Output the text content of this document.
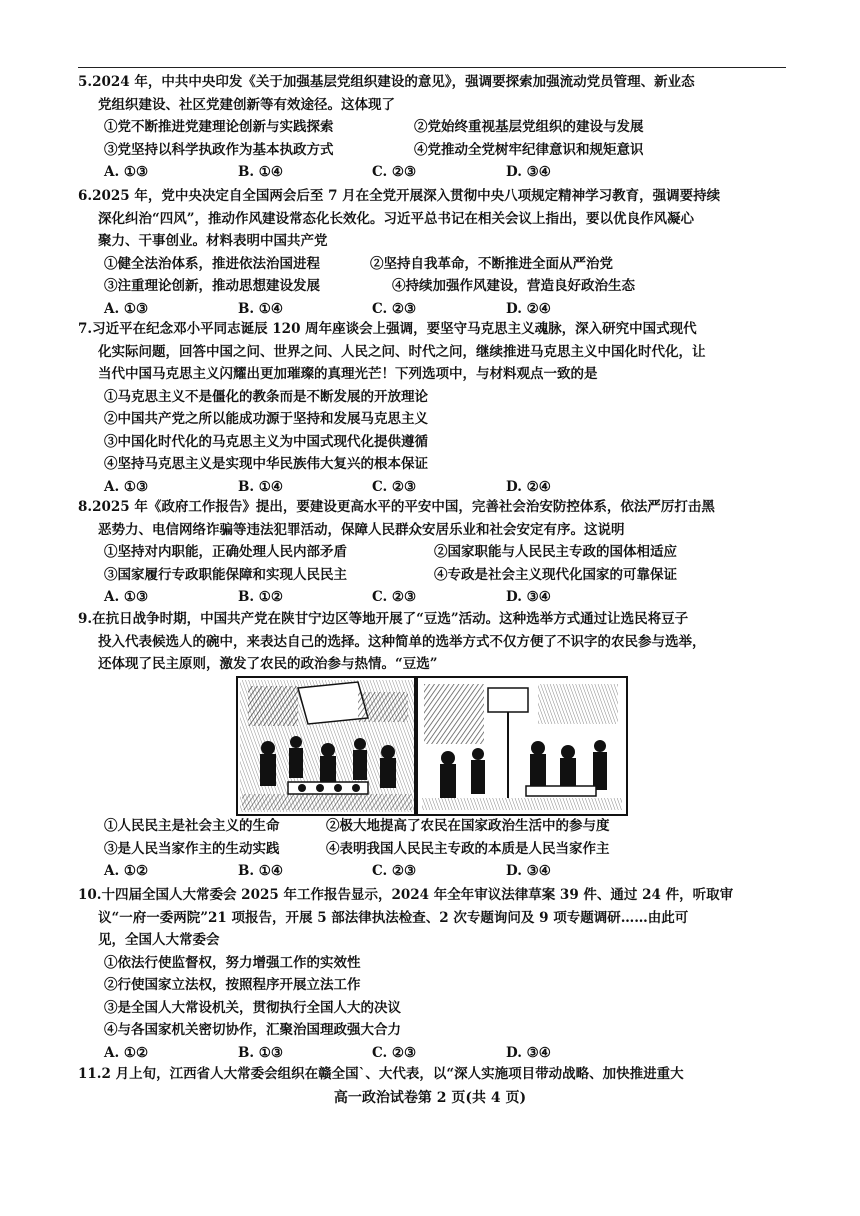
5.2024 年，中共中央印发《关于加强基层党组织建设的意见》，强调要探索加强流动党员管理、新业态
党组织建设、社区党建创新等有效途径。这体现了
①党不断推进党建理论创新与实践探索	②党始终重视基层党组织的建设与发展
③党坚持以科学执政作为基本执政方式	④党推动全党树牢纪律意识和规矩意识
A. ①③	B. ①④	C. ②③	D. ③④
6.2025 年，党中央决定自全国两会后至 7 月在全党开展深入贯彻中央八项规定精神学习教育，强调要持续
深化纠治“四风”，推动作风建设常态化长效化。习近平总书记在相关会议上指出，要以优良作风凝心
聚力、干事创业。材料表明中国共产党
①健全法治体系，推进依法治国进程	②坚持自我革命，不断推进全面从严治党
③注重理论创新，推动思想建设发展	④持续加强作风建设，营造良好政治生态
A. ①③	B. ①④	C. ②③	D. ②④
7.习近平在纪念邓小平同志诞辰 120 周年座谈会上强调，要坚守马克思主义魂脉，深入研究中国式现代
化实际问题，回答中国之问、世界之问、人民之问、时代之问，继续推进马克思主义中国化时代化，让
当代中国马克思主义闪耀出更加璀璨的真理光芒！下列选项中，与材料观点一致的是
①马克思主义不是僵化的教条而是不断发展的开放理论
②中国共产党之所以能成功源于坚持和发展马克思主义
③中国化时代化的马克思主义为中国式现代化提供遵循
④坚持马克思主义是实现中华民族伟大复兴的根本保证
A. ①③	B. ①④	C. ②③	D. ②④
8.2025 年《政府工作报告》提出，要建设更高水平的平安中国，完善社会治安防控体系，依法严厉打击黑
恶势力、电信网络诈骗等违法犯罪活动，保障人民群众安居乐业和社会安定有序。这说明
①坚持对内职能，正确处理人民内部矛盾	②国家职能与人民民主专政的国体相适应
③国家履行专政职能保障和实现人民民主	④专政是社会主义现代化国家的可靠保证
A. ①③	B. ①②	C. ②③	D. ③④
9.在抗日战争时期，中国共产党在陕甘宁边区等地开展了“豆选”活动。这种选举方式通过让选民将豆子
投入代表候选人的碗中，来表达自己的选择。这种简单的选举方式不仅方便了不识字的农民参与选举，
还体现了民主原则，激发了农民的政治参与热情。“豆选”
①人民民主是社会主义的生命	②极大地提高了农民在国家政治生活中的参与度
③是人民当家作主的生动实践	④表明我国人民民主专政的本质是人民当家作主
A. ①②	B. ①④	C. ②③	D. ③④
10.十四届全国人大常委会 2025 年工作报告显示，2024 年全年审议法律草案 39 件、通过 24 件，听取审
议“一府一委两院”21 项报告，开展 5 部法律执法检查、2 次专题询问及 9 项专题调研……由此可
见，全国人大常委会
①依法行使监督权，努力增强工作的实效性
②行使国家立法权，按照程序开展立法工作
③是全国人大常设机关，贯彻执行全国人大的决议
④与各国家机关密切协作，汇聚治国理政强大合力
A. ①②	B. ①③	C. ②③	D. ③④
11.2 月上旬，江西省人大常委会组织在赣全国`、大代表，以“深人实施项目带动战略、加快推进重大
高一政治试卷第 2 页(共 4 页)
